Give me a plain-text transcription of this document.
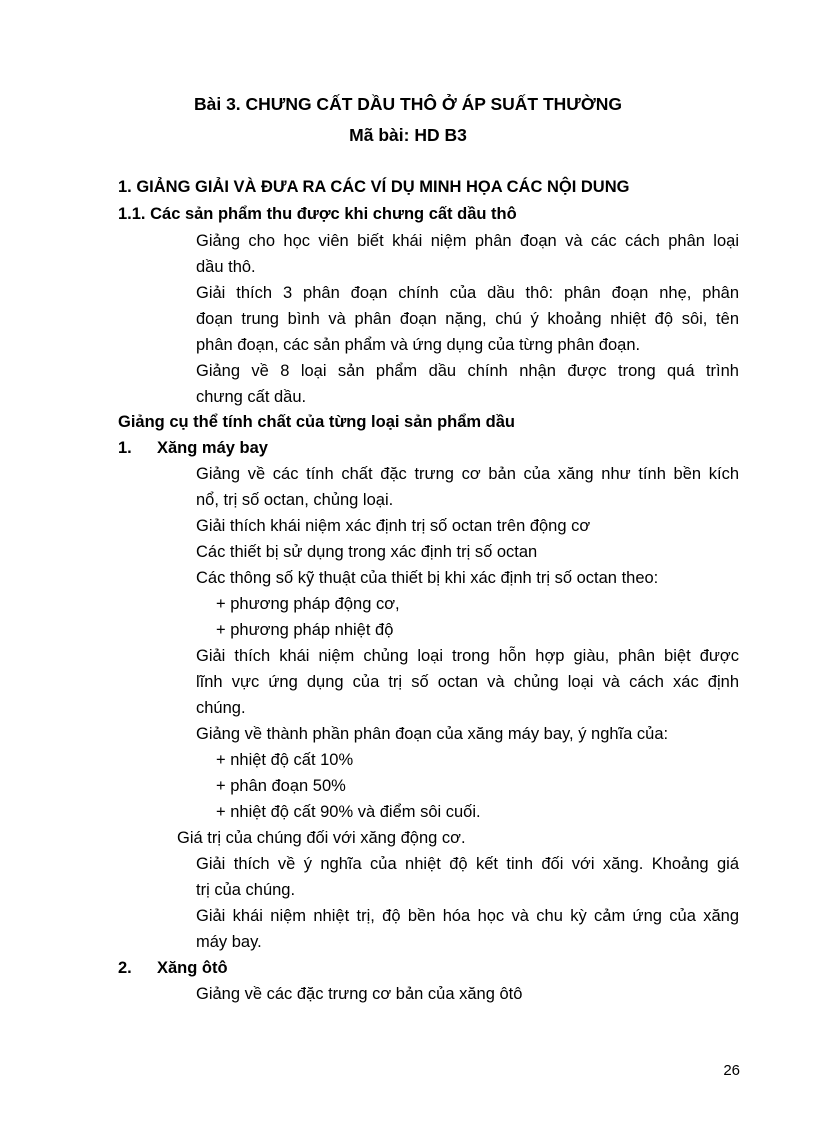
Bài 3. CHƯNG CẤT DẦU THÔ Ở ÁP SUẤT THƯỜNG
Mã bài: HD B3
1. GIẢNG GIẢI VÀ ĐƯA RA CÁC VÍ DỤ MINH HỌA CÁC NỘI DUNG
1.1. Các sản phẩm thu được khi chưng cất dầu thô
Giảng cho học viên biết khái niệm phân đoạn và các cách phân loại
dầu thô.
Giải thích 3 phân đoạn chính của dầu thô: phân đoạn nhẹ, phân
đoạn trung bình và phân đoạn nặng, chú ý khoảng nhiệt độ sôi, tên
phân đoạn, các sản phẩm và ứng dụng của từng phân đoạn.
Giảng về 8 loại sản phẩm dầu chính nhận được trong quá trình
chưng cất dầu.
Giảng cụ thể tính chất của từng loại sản phẩm dầu
1. Xăng máy bay
Giảng về các tính chất đặc trưng cơ bản của xăng như tính bền kích
nổ, trị số octan, chủng loại.
Giải thích khái niệm xác định trị số octan trên động cơ
Các thiết bị sử dụng trong xác định trị số octan
Các thông số kỹ thuật của thiết bị khi xác định trị số octan theo:
+ phương pháp động cơ,
+ phương pháp nhiệt độ
Giải thích khái niệm chủng loại trong hỗn hợp giàu, phân biệt được
lĩnh vực ứng dụng của trị số octan và chủng loại và cách xác định
chúng.
Giảng về thành phần phân đoạn của xăng máy bay, ý nghĩa của:
+ nhiệt độ cất 10%
+ phân đoạn 50%
+ nhiệt độ cất 90% và điểm sôi cuối.
Giá trị của chúng đối với xăng động cơ.
Giải thích về ý nghĩa của nhiệt độ kết tinh đối với xăng. Khoảng giá
trị của chúng.
Giải khái niệm nhiệt trị, độ bền hóa học và chu kỳ cảm ứng của xăng
máy bay.
2. Xăng ôtô
Giảng về các đặc trưng cơ bản của xăng ôtô
26
